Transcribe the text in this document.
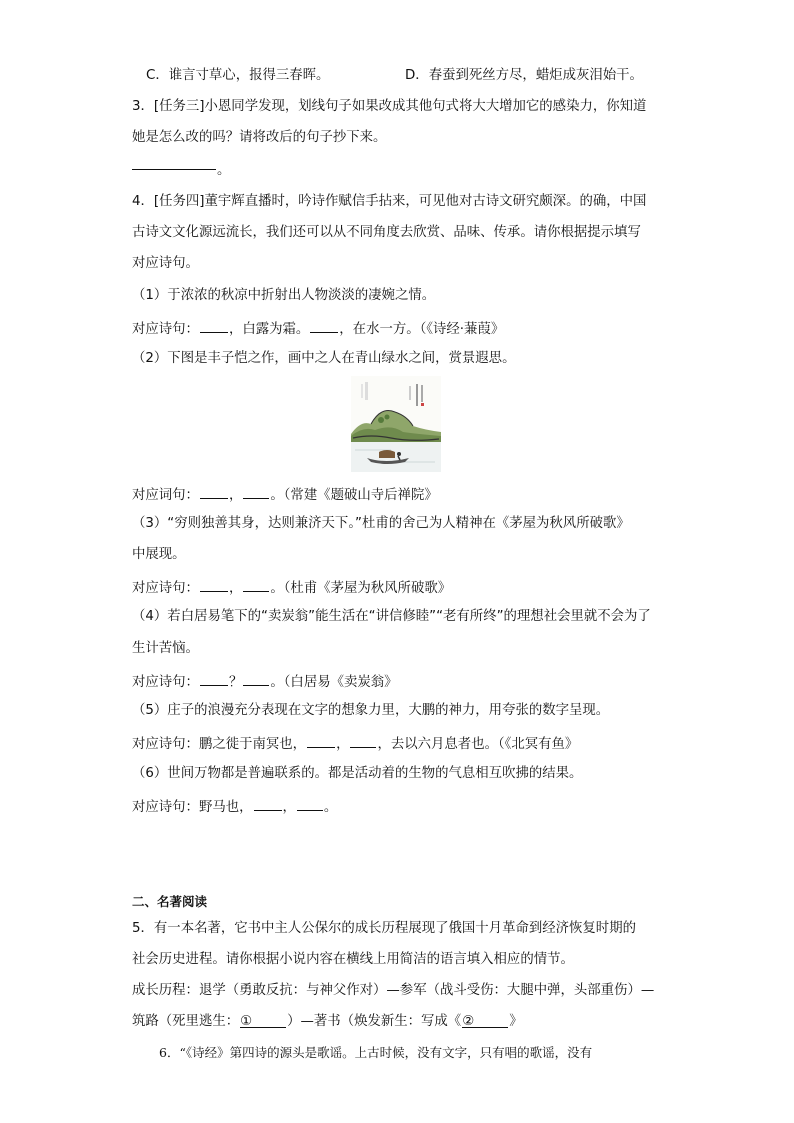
C．谁言寸草心，报得三春晖。	D．春蚕到死丝方尽，蜡炬成灰泪始干。
3．[任务三]小恩同学发现，划线句子如果改成其他句式将大大增加它的感染力，你知道
她是怎么改的吗？请将改后的句子抄下来。
。
4．[任务四]董宇辉直播时，吟诗作赋信手拈来，可见他对古诗文研究颇深。的确，中国
古诗文文化源远流长，我们还可以从不同角度去欣赏、品味、传承。请你根据提示填写
对应诗句。
（1）于浓浓的秋凉中折射出人物淡淡的凄婉之情。
对应诗句： ，白露为霜。 ，在水一方。（《诗经·蒹葭》
（2）下图是丰子恺之作，画中之人在青山绿水之间，赏景遐思。
对应词句： ， 。（常建《题破山寺后禅院》
（3）“穷则独善其身，达则兼济天下。”杜甫的舍己为人精神在《茅屋为秋风所破歌》
中展现。
对应诗句： ， 。（杜甫《茅屋为秋风所破歌》
（4）若白居易笔下的“卖炭翁”能生活在“讲信修睦”“老有所终”的理想社会里就不会为了
生计苦恼。
对应诗句： ？ 。（白居易《卖炭翁》
（5）庄子的浪漫充分表现在文字的想象力里，大鹏的神力，用夸张的数字呈现。
对应诗句：鹏之徙于南冥也， ， ，去以六月息者也。（《北冥有鱼》
（6）世间万物都是普遍联系的。都是活动着的生物的气息相互吹拂的结果。
对应诗句：野马也， ， 。
二、名著阅读
5．有一本名著，它书中主人公保尔的成长历程展现了俄国十月革命到经济恢复时期的
社会历史进程。请你根据小说内容在横线上用简洁的语言填入相应的情节。
成长历程：退学（勇敢反抗：与神父作对）—参军（战斗受伤：大腿中弹，头部重伤）—
筑路（死里逃生：①	）—著书（焕发新生：写成《②	》
6．“《诗经》第四诗的源头是歌谣。上古时候，没有文字，只有唱的歌谣，没有
